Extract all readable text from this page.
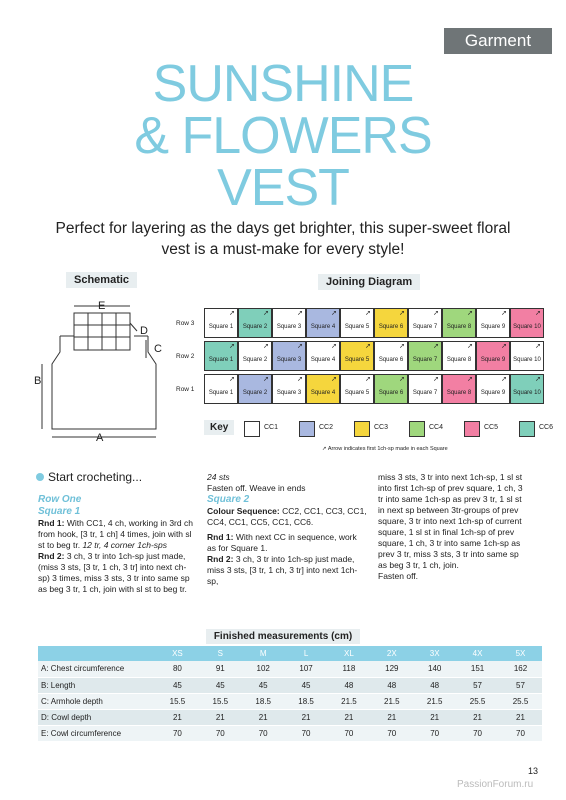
Garment
SUNSHINE
& FLOWERS
VEST
Perfect for layering as the days get brighter, this super-sweet floral vest is a must-make for every style!
Schematic	Joining Diagram
E
D
C
B
A
Row 3
➚
Square 1
➚
Square 2
➚
Square 3
➚
Square 4
➚
Square 5
➚
Square 6
➚
Square 7
➚
Square 8
➚
Square 9
➚
Square 10
Row 2
➚
Square 1
➚
Square 2
➚
Square 3
➚
Square 4
➚
Square 5
➚
Square 6
➚
Square 7
➚
Square 8
➚
Square 9
➚
Square 10
Row 1
➚
Square 1
➚
Square 2
➚
Square 3
➚
Square 4
➚
Square 5
➚
Square 6
➚
Square 7
➚
Square 8
➚
Square 9
➚
Square 10
Key	CC1	CC2	CC3	CC4	CC5	CC6
➚ Arrow indicates first 1ch-sp made in each Square
Start crocheting...

Row One

Square 1

Rnd 1: With CC1, 4 ch, working in 3rd ch from hook, [3 tr, 1 ch] 4 times, join with sl st to beg tr. 12 tr, 4 corner 1ch-sps

Rnd 2: 3 ch, 3 tr into 1ch-sp just made, (miss 3 sts, [3 tr, 1 ch, 3 tr] into next ch-sp) 3 times, miss 3 sts, 3 tr into same sp as beg 3 tr, 1 ch, join with sl st to beg tr.

24 sts

Fasten off. Weave in ends

Square 2

Colour Sequence: CC2, CC1, CC3, CC1, CC4, CC1, CC5, CC1, CC6.

Rnd 1: With next CC in sequence, work as for Square 1.

Rnd 2: 3 ch, 3 tr into 1ch-sp just made, miss 3 sts, [3 tr, 1 ch, 3 tr] into next 1ch-sp,

miss 3 sts, 3 tr into next 1ch-sp, 1 sl st into first 1ch-sp of prev square, 1 ch, 3 tr into same 1ch-sp as prev 3 tr, 1 sl st in next sp between 3tr-groups of prev square, 3 tr into next 1ch-sp of current square, 1 sl st in final 1ch-sp of prev square, 1 ch, 3 tr into same 1ch-sp as prev 3 tr, miss 3 sts, 3 tr into same sp as beg 3 tr, 1 ch, join.

Fasten off.

Finished measurements (cm)
	XS	S	M	L	XL	2X	3X	4X	5X
A: Chest circumference	80	91	102	107	118	129	140	151	162
B: Length	45	45	45	45	48	48	48	57	57
C: Armhole depth	15.5	15.5	18.5	18.5	21.5	21.5	21.5	25.5	25.5
D: Cowl depth	21	21	21	21	21	21	21	21	21
E: Cowl circumference	70	70	70	70	70	70	70	70	70
13
PassionForum.ru
